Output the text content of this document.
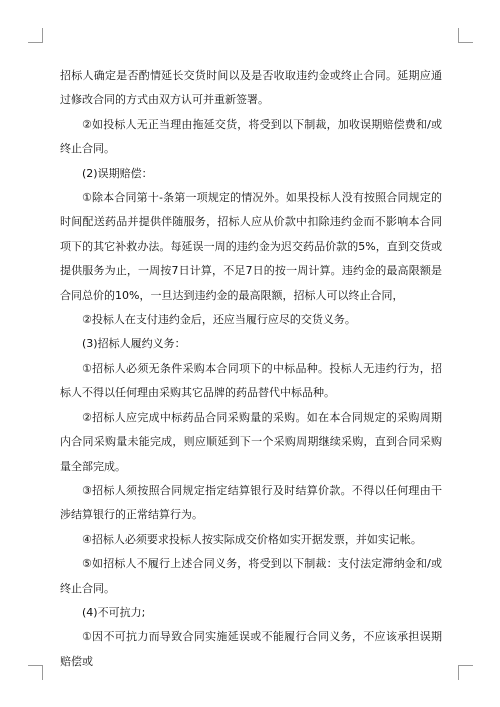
招标人确定是否酌情延长交货时间以及是否收取违约金或终止合同。延期应通过修改合同的方式由双方认可并重新签署。

②如投标人无正当理由拖延交货，将受到以下制裁，加收误期赔偿费和/或终止合同。

(2)误期赔偿：

①除本合同第十-条第一项规定的情况外。如果投标人没有按照合同规定的时间配送药品并提供伴随服务，招标人应从价款中扣除违约金而不影响本合同项下的其它补救办法。每延误一周的违约金为迟交药品价款的5%，直到交货或提供服务为止，一周按7日计算，不足7日的按一周计算。违约金的最高限额是合同总价的10%，一旦达到违约金的最高限额，招标人可以终止合同，

②投标人在支付违约金后，还应当履行应尽的交货义务。

(3)招标人履约义务：

①招标人必须无条件采购本合同项下的中标品种。投标人无违约行为，招标人不得以任何理由采购其它品牌的药品替代中标品种。

②招标人应完成中标药品合同采购量的采购。如在本合同规定的采购周期内合同采购量未能完成，则应顺延到下一个采购周期继续采购，直到合同采购量全部完成。

③招标人须按照合同规定指定结算银行及时结算价款。不得以任何理由干涉结算银行的正常结算行为。

④招标人必须要求投标人按实际成交价格如实开据发票，并如实记帐。

⑤如招标人不履行上述合同义务，将受到以下制裁：支付法定滞纳金和/或终止合同。

(4)不可抗力;

①因不可抗力而导致合同实施延误或不能履行合同义务，不应该承担误期赔偿或
